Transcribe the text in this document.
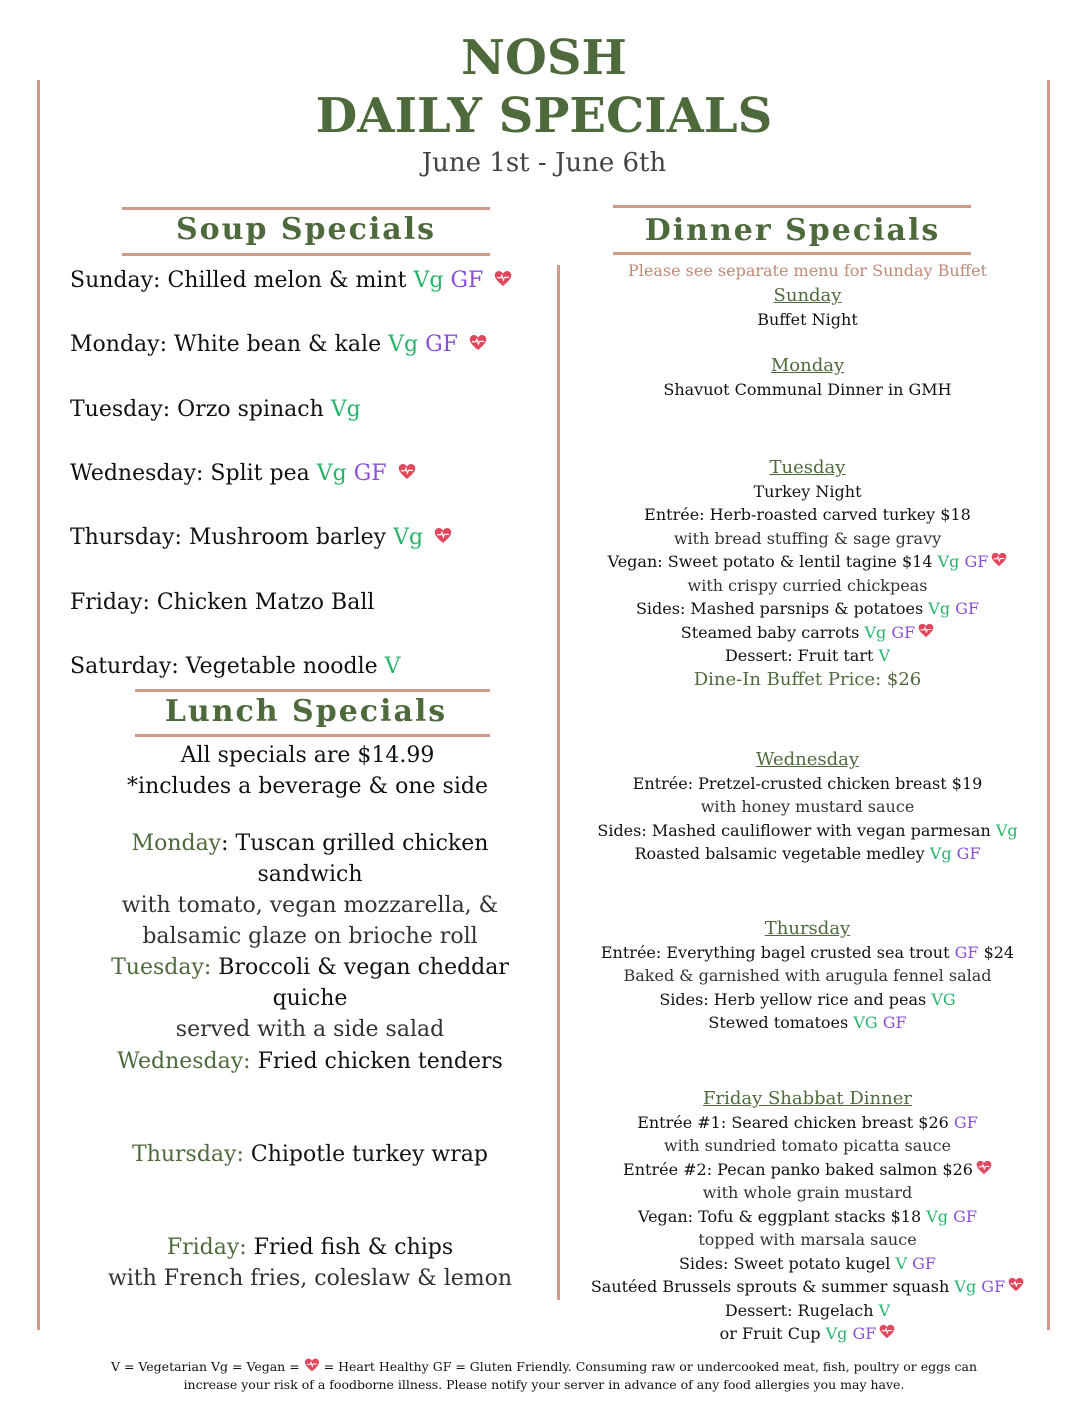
NOSH
DAILY SPECIALS
June 1st - June 6th
Soup Specials
Sunday: Chilled melon & mint Vg GF
Monday: White bean & kale Vg GF
Tuesday: Orzo spinach Vg
Wednesday: Split pea Vg GF
Thursday: Mushroom barley Vg
Friday: Chicken Matzo Ball
Saturday: Vegetable noodle V
Lunch Specials
All specials are $14.99
*includes a beverage & one side
Monday: Tuscan grilled chicken sandwich
with tomato, vegan mozzarella, &
balsamic glaze on brioche roll
Tuesday: Broccoli & vegan cheddar quiche
served with a side salad
Wednesday: Fried chicken tenders
Thursday: Chipotle turkey wrap
Friday: Fried fish & chips
with French fries, coleslaw & lemon
Dinner Specials
Please see separate menu for Sunday Buffet
Sunday
Buffet Night
Monday
Shavuot Communal Dinner in GMH
Tuesday
Turkey Night
Entrée: Herb-roasted carved turkey $18
with bread stuffing & sage gravy
Vegan: Sweet potato & lentil tagine $14 Vg GF
with crispy curried chickpeas
Sides: Mashed parsnips & potatoes Vg GF
Steamed baby carrots Vg GF
Dessert: Fruit tart V
Dine-In Buffet Price: $26
Wednesday
Entrée: Pretzel-crusted chicken breast $19
with honey mustard sauce
Sides: Mashed cauliflower with vegan parmesan Vg
Roasted balsamic vegetable medley Vg GF
Thursday
Entrée: Everything bagel crusted sea trout GF $24
Baked & garnished with arugula fennel salad
Sides: Herb yellow rice and peas VG
Stewed tomatoes VG GF
Friday Shabbat Dinner
Entrée #1: Seared chicken breast $26 GF
with sundried tomato picatta sauce
Entrée #2: Pecan panko baked salmon $26
with whole grain mustard
Vegan: Tofu & eggplant stacks $18 Vg GF
topped with marsala sauce
Sides: Sweet potato kugel V GF
Sautéed Brussels sprouts & summer squash Vg GF
Dessert: Rugelach V
or Fruit Cup Vg GF
V = Vegetarian Vg = Vegan = = Heart Healthy GF = Gluten Friendly. Consuming raw or undercooked meat, fish, poultry or eggs can
increase your risk of a foodborne illness. Please notify your server in advance of any food allergies you may have.
